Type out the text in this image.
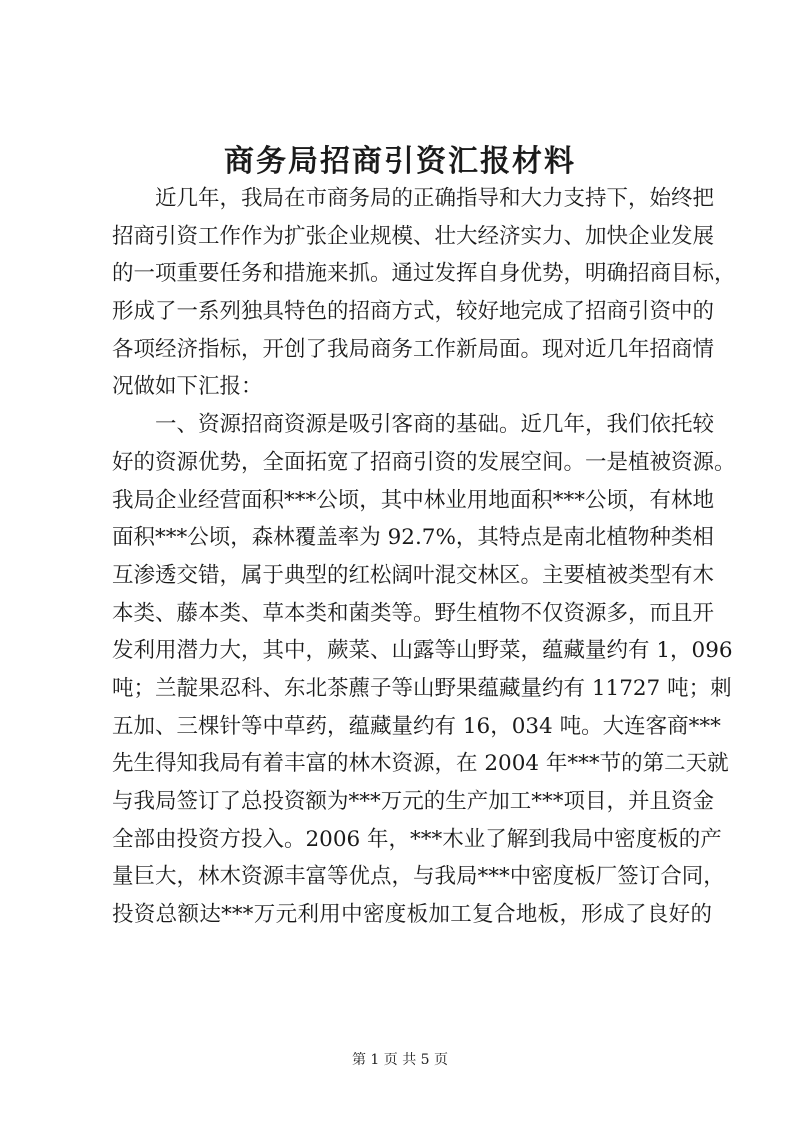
商务局招商引资汇报材料
近几年，我局在市商务局的正确指导和大力支持下，始终把
招商引资工作作为扩张企业规模、壮大经济实力、加快企业发展
的一项重要任务和措施来抓。通过发挥自身优势，明确招商目标，
形成了一系列独具特色的招商方式，较好地完成了招商引资中的
各项经济指标，开创了我局商务工作新局面。现对近几年招商情
况做如下汇报：
一、资源招商资源是吸引客商的基础。近几年，我们依托较
好的资源优势，全面拓宽了招商引资的发展空间。一是植被资源。
我局企业经营面积***公顷，其中林业用地面积***公顷，有林地
面积***公顷，森林覆盖率为 92.7%，其特点是南北植物种类相
互渗透交错，属于典型的红松阔叶混交林区。主要植被类型有木
本类、藤本类、草本类和菌类等。野生植物不仅资源多，而且开
发利用潜力大，其中，蕨菜、山露等山野菜，蕴藏量约有 1，096
吨；兰靛果忍科、东北茶藨子等山野果蕴藏量约有 11727 吨；刺
五加、三棵针等中草药，蕴藏量约有 16，034 吨。大连客商***
先生得知我局有着丰富的林木资源，在 2004 年***节的第二天就
与我局签订了总投资额为***万元的生产加工***项目，并且资金
全部由投资方投入。2006 年，***木业了解到我局中密度板的产
量巨大，林木资源丰富等优点，与我局***中密度板厂签订合同，
投资总额达***万元利用中密度板加工复合地板，形成了良好的
第 1 页 共 5 页
